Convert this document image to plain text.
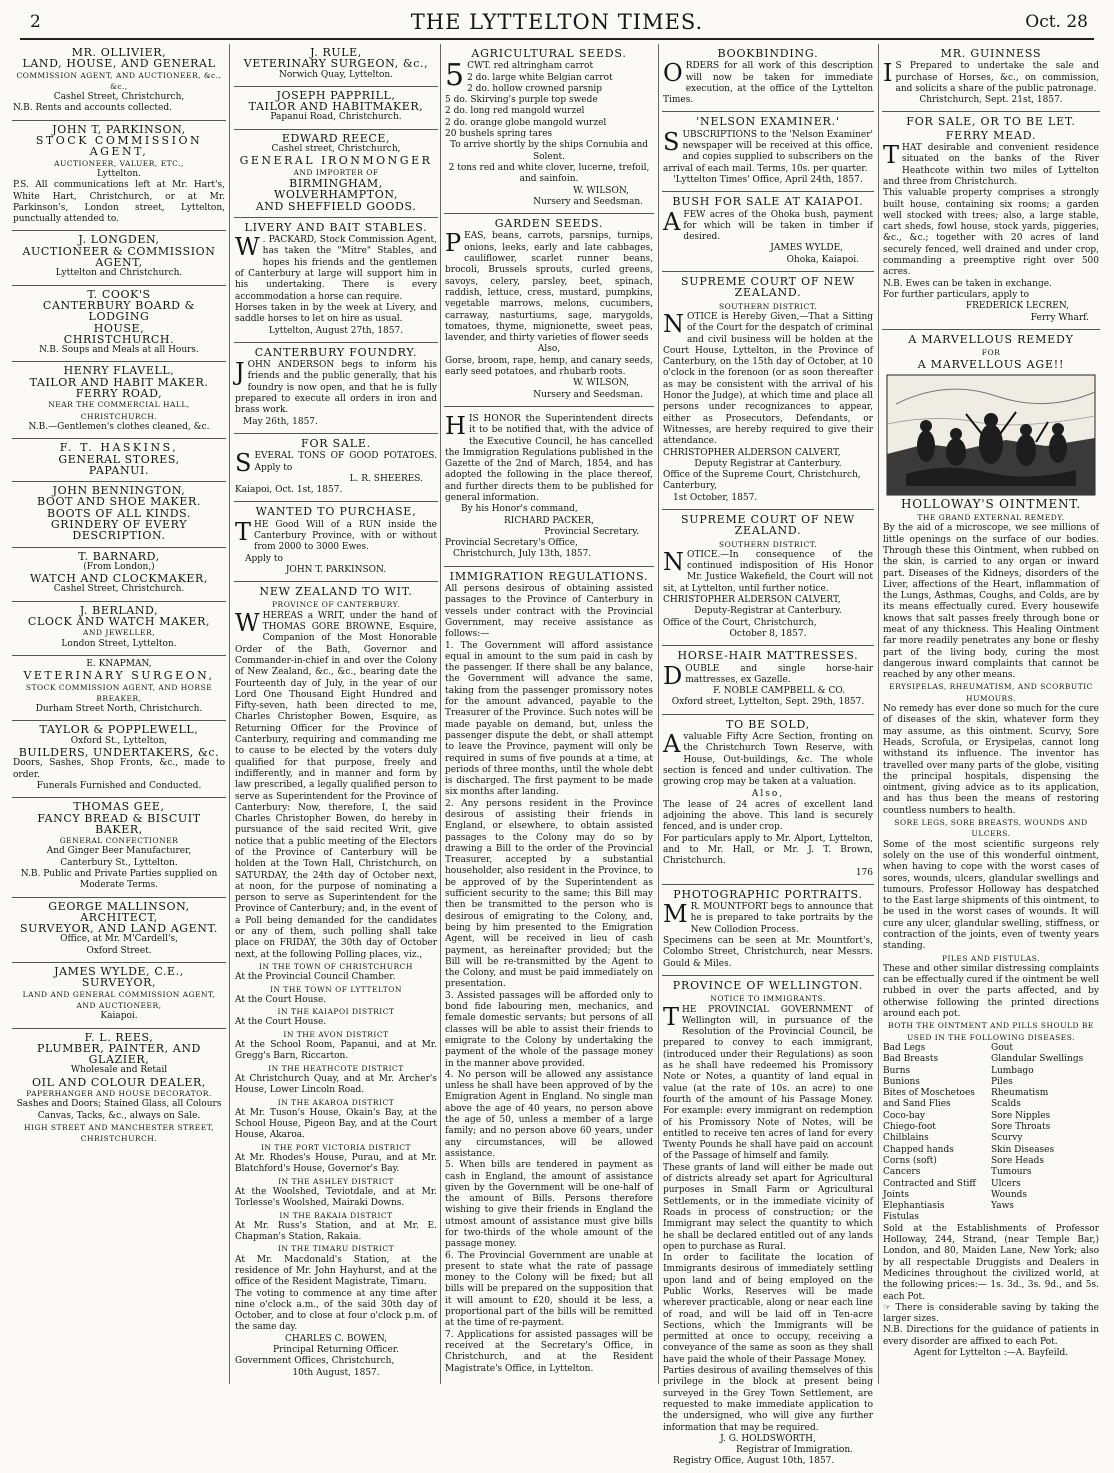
2	THE LYTTELTON TIMES.	Oct. 28
MR. OLLIVIER,
LAND, HOUSE, AND GENERAL
COMMISSION AGENT, AND AUCTIONEER, &c., &c.,
Cashel Street, Christchurch,
N.B. Rents and accounts collected.
JOHN T, PARKINSON,
STOCK COMMISSION AGENT,
AUCTIONEER, VALUER, ETC.,
Lyttelton.
P.S. All communications left at Mr. Hart's, White Hart, Christchurch, or at Mr. Parkinson's, London street, Lyttelton, punctually attended to.
J. LONGDEN,
AUCTIONEER & COMMISSION AGENT,
Lyttelton and Christchurch.
T. COOK'S
CANTERBURY BOARD & LODGING
HOUSE,
CHRISTCHURCH.
N.B. Soups and Meals at all Hours.
HENRY FLAVELL,
TAILOR AND HABIT MAKER.
FERRY ROAD,
NEAR THE COMMERCIAL HALL,
CHRISTCHURCH.
N.B.—Gentlemen's clothes cleaned, &c.
F. T. HASKINS,
GENERAL STORES,
PAPANUI.
JOHN BENNINGTON,
BOOT AND SHOE MAKER.
BOOTS OF ALL KINDS.
GRINDERY OF EVERY DESCRIPTION.
T. BARNARD,
(From London,)
WATCH AND CLOCKMAKER,
Cashel Street, Christchurch.
J. BERLAND,
CLOCK AND WATCH MAKER,
AND JEWELLER,
London Street, Lyttelton.
E. KNAPMAN,
VETERINARY SURGEON,
STOCK COMMISSION AGENT, AND HORSE
BREAKER,
Durham Street North, Christchurch.
TAYLOR & POPPLEWELL,
Oxford St., Lyttelton,
BUILDERS, UNDERTAKERS, &c.
Doors, Sashes, Shop Fronts, &c., made to order.
Funerals Furnished and Conducted.
THOMAS GEE,
FANCY BREAD & BISCUIT BAKER,
GENERAL CONFECTIONER
And Ginger Beer Manufacturer,
Canterbury St., Lyttelton.
N.B. Public and Private Parties supplied on Moderate Terms.
GEORGE MALLINSON,
ARCHITECT,
SURVEYOR, AND LAND AGENT.
Office, at Mr. M'Cardell's,
Oxford Street.
JAMES WYLDE, C.E.,
SURVEYOR,
LAND AND GENERAL COMMISSION AGENT,
AND AUCTIONEER,
Kaiapoi.
F. L. REES,
PLUMBER, PAINTER, AND GLAZIER,
Wholesale and Retail
OIL AND COLOUR DEALER,
PAPERHANGER AND HOUSE DECORATOR.
Sashes and Doors; Stained Glass, all Colours Canvas, Tacks, &c., always on Sale.
HIGH STREET AND MANCHESTER STREET, CHRISTCHURCH.
J. RULE,
VETERINARY SURGEON, &c.,
Norwich Quay, Lyttelton.
JOSEPH PAPPRILL,
TAILOR AND HABITMAKER,
Papanui Road, Christchurch.
EDWARD REECE,
Cashel street, Christchurch,
GENERAL IRONMONGER
AND IMPORTER OF
BIRMINGHAM, WOLVERHAMPTON,
AND SHEFFIELD GOODS.
LIVERY AND BAIT STABLES.
W . PACKARD, Stock Commission Agent, has taken the "Mitre" Stables, and hopes his friends and the gentlemen of Canterbury at large will support him in his undertaking. There is every accommodation a horse can require.
Horses taken in by the week at Livery, and saddle horses to let on hire as usual.
Lyttelton, August 27th, 1857.
CANTERBURY FOUNDRY.
JOHN ANDERSON begs to inform his friends and the public generally, that his foundry is now open, and that he is fully prepared to execute all orders in iron and brass work.
May 26th, 1857.
FOR SALE.
SEVERAL TONS OF GOOD POTATOES. Apply to
L. R. SHEERES.
Kaiapoi, Oct. 1st, 1857.
WANTED TO PURCHASE,
THE Good Will of a RUN inside the Canterbury Province, with or without from 2000 to 3000 Ewes.
Apply to
JOHN T. PARKINSON.
NEW ZEALAND TO WIT.
PROVINCE OF CANTERBURY.
WHEREAS a WRIT, under the hand of THOMAS GORE BROWNE, Esquire, Companion of the Most Honorable Order of the Bath, Governor and Commander-in-chief in and over the Colony of New Zealand, &c., &c., bearing date the Fourteenth day of July, in the year of our Lord One Thousand Eight Hundred and Fifty-seven, hath been directed to me, Charles Christopher Bowen, Esquire, as Returning Officer for the Province of Canterbury, requiring and commanding me to cause to be elected by the voters duly qualified for that purpose, freely and indifferently, and in manner and form by law prescribed, a legally qualified person to serve as Superintendent for the Province of Canterbury: Now, therefore, I, the said Charles Christopher Bowen, do hereby in pursuance of the said recited Writ, give notice that a public meeting of the Electors of the Province of Canterbury will be holden at the Town Hall, Christchurch, on SATURDAY, the 24th day of October next, at noon, for the purpose of nominating a person to serve as Superintendent for the Province of Canterbury; and, in the event of a Poll being demanded for the candidates or any of them, such polling shall take place on FRIDAY, the 30th day of October next, at the following Polling places, viz.,
IN THE TOWN OF CHRISTCHURCH
At the Provincial Council Chamber.
IN THE TOWN OF LYTTELTON
At the Court House.
IN THE KAIAPOI DISTRICT
At the Court House.
IN THE AVON DISTRICT
At the School Room, Papanui, and at Mr. Gregg's Barn, Riccarton.
IN THE HEATHCOTE DISTRICT
At Christchurch Quay, and at Mr. Archer's House, Lower Lincoln Road.
IN THE AKAROA DISTRICT
At Mr. Tuson's House, Okain's Bay, at the School House, Pigeon Bay, and at the Court House, Akaroa.
IN THE PORT VICTORIA DISTRICT
At Mr. Rhodes's House, Purau, and at Mr. Blatchford's House, Governor's Bay.
IN THE ASHLEY DISTRICT
At the Woolshed, Teviotdale, and at Mr. Torlesse's Woolshed, Mairaki Downs.
IN THE RAKAIA DISTRICT
At Mr. Russ's Station, and at Mr. E. Chapman's Station, Rakaia.
IN THE TIMARU DISTRICT
At Mr. Macdonald's Station, at the residence of Mr. John Hayhurst, and at the office of the Resident Magistrate, Timaru.
The voting to commence at any time after nine o'clock a.m., of the said 30th day of October, and to close at four o'clock p.m. of the same day.
CHARLES C. BOWEN,
Principal Returning Officer.
Government Offices, Christchurch,
10th August, 1857.
AGRICULTURAL SEEDS.
5 CWT. red altringham carrot
2 do. large white Belgian carrot
2 do. hollow crowned parsnip
5 do. Skirving's purple top swede
2 do. long red mangold wurzel
2 do. orange globe mangold wurzel
20 bushels spring tares
To arrive shortly by the ships Cornubia and Solent.
2 tons red and white clover, lucerne, trefoil, and sainfoin.
W. WILSON,
Nursery and Seedsman.
GARDEN SEEDS.
PEAS, beans, carrots, parsnips, turnips, onions, leeks, early and late cabbages, cauliflower, scarlet runner beans, brocoli, Brussels sprouts, curled greens, savoys, celery, parsley, beet, spinach, raddish, lettuce, cress, mustard, pumpkins, vegetable marrows, melons, cucumbers, carraway, nasturtiums, sage, marygolds, tomatoes, thyme, mignionette, sweet peas, lavender, and thirty varieties of flower seeds
Also,
Gorse, broom, rape, hemp, and canary seeds, early seed potatoes, and rhubarb roots.
W. WILSON,
Nursery and Seedsman.
HIS HONOR the Superintendent directs it to be notified that, with the advice of the Executive Council, he has cancelled the Immigration Regulations published in the Gazette of the 2nd of March, 1854, and has adopted the following in the place thereof, and further directs them to be published for general information.
By his Honor's command,
RICHARD PACKER,
Provincial Secretary.
Provincial Secretary's Office,
Christchurch, July 13th, 1857.
IMMIGRATION REGULATIONS.
All persons desirous of obtaining assisted passages to the Province of Canterbury in vessels under contract with the Provincial Government, may receive assistance as follows:—
1. The Government will afford assistance equal in amount to the sum paid in cash by the passenger. If there shall be any balance, the Government will advance the same, taking from the passenger promissory notes for the amount advanced, payable to the Treasurer of the Province. Such notes will be made payable on demand, but, unless the passenger dispute the debt, or shall attempt to leave the Province, payment will only be required in sums of five pounds at a time, at periods of three months, until the whole debt is discharged. The first payment to be made six months after landing.
2. Any persons resident in the Province desirous of assisting their friends in England, or elsewhere, to obtain assisted passages to the Colony may do so by drawing a Bill to the order of the Provincial Treasurer, accepted by a substantial householder, also resident in the Province, to be approved of by the Superintendent as sufficient security to the same; this Bill may then be transmitted to the person who is desirous of emigrating to the Colony, and, being by him presented to the Emigration Agent, will be received in lieu of cash payment, as hereinafter provided; but the Bill will be re-transmitted by the Agent to the Colony, and must be paid immediately on presentation.
3. Assisted passages will be afforded only to bond fide labouring men, mechanics, and female domestic servants; but persons of all classes will be able to assist their friends to emigrate to the Colony by undertaking the payment of the whole of the passage money in the manner above provided.
4. No person will be allowed any assistance unless he shall have been approved of by the Emigration Agent in England. No single man above the age of 40 years, no person above the age of 50, unless a member of a large family; and no person above 60 years, under any circumstances, will be allowed assistance.
5. When bills are tendered in payment as cash in England, the amount of assistance given by the Government will be one-half of the amount of Bills. Persons therefore wishing to give their friends in England the utmost amount of assistance must give bills for two-thirds of the whole amount of the passage money.
6. The Provincial Government are unable at present to state what the rate of passage money to the Colony will be fixed; but all bills will be prepared on the supposition that it will amount to £20, should it be less, a proportional part of the bills will be remitted at the time of re-payment.
7. Applications for assisted passages will be received at the Secretary's Office, in Christchurch, and at the Resident Magistrate's Office, in Lyttelton.
BOOKBINDING.
ORDERS for all work of this description will now be taken for immediate execution, at the office of the Lyttelton Times.
'NELSON EXAMINER.'
SUBSCRIPTIONS to the 'Nelson Examiner' newspaper will be received at this office, and copies supplied to subscribers on the arrival of each mail. Terms, 10s. per quarter.
'Lyttelton Times' Office, April 24th, 1857.
BUSH FOR SALE AT KAIAPOI.
A FEW acres of the Ohoka bush, payment for which will be taken in timber if desired.
JAMES WYLDE,
Ohoka, Kaiapoi.
SUPREME COURT OF NEW ZEALAND.
SOUTHERN DISTRICT.
NOTICE is Hereby Given,—That a Sitting of the Court for the despatch of criminal and civil business will be holden at the Court House, Lyttelton, in the Province of Canterbury, on the 15th day of October, at 10 o'clock in the forenoon (or as soon thereafter as may be consistent with the arrival of his Honor the Judge), at which time and place all persons under recognizances to appear, either as Prosecutors, Defendants, or Witnesses, are hereby required to give their attendance.
CHRISTOPHER ALDERSON CALVERT,
Deputy Registrar at Canterbury.
Office of the Supreme Court, Christchurch, Canterbury,
1st October, 1857.
SUPREME COURT OF NEW ZEALAND.
SOUTHERN DISTRICT.
NOTICE.—In consequence of the continued indisposition of His Honor Mr. Justice Wakefield, the Court will not sit, at Lyttelton, until further notice.
CHRISTOPHER ALDERSON CALVERT,
Deputy-Registrar at Canterbury.
Office of the Court, Christchurch,
October 8, 1857.
HORSE-HAIR MATTRESSES.
DOUBLE and single horse-hair mattresses, ex Gazelle.
F. NOBLE CAMPBELL & CO.
Oxford street, Lyttelton, Sept. 29th, 1857.
TO BE SOLD,
A valuable Fifty Acre Section, fronting on the Christchurch Town Reserve, with House, Out-buildings, &c. The whole section is fenced and under cultivation. The growing crop may be taken at a valuation.
Also,
The lease of 24 acres of excellent land adjoining the above. This land is securely fenced, and is under crop.
For particulars apply to Mr. Alport, Lyttelton, and to Mr. Hall, or Mr. J. T. Brown, Christchurch.
176
PHOTOGRAPHIC PORTRAITS.
M R. MOUNTFORT begs to announce that he is prepared to take portraits by the New Collodion Process.
Specimens can be seen at Mr. Mountfort's, Colombo Street, Christchurch, near Messrs. Gould & Miles.
PROVINCE OF WELLINGTON.
NOTICE TO IMMIGRANTS.
THE PROVINCIAL GOVERNMENT of Wellington will, in pursuance of the Resolution of the Provincial Council, be prepared to convey to each immigrant, (introduced under their Regulations) as soon as he shall have redeemed his Promissory Note or Notes, a quantity of land equal in value (at the rate of 10s. an acre) to one fourth of the amount of his Passage Money. For example: every immigrant on redemption of his Promissory Note of Notes, will be entitled to receive ten acres of land for every Twenty Pounds he shall have paid on account of the Passage of himself and family.
These grants of land will either be made out of districts already set apart for Agricultural purposes in Small Farm or Agricultural Settlements, or in the immediate vicinity of Roads in process of construction; or the Immigrant may select the quantity to which he shall be declared entitled out of any lands open to purchase as Rural.
In order to facilitate the location of Immigrants desirous of immediately settling upon land and of being employed on the Public Works, Reserves will be made wherever practicable, along or near each line of road, and will be laid off in Ten-acre Sections, which the Immigrants will be permitted at once to occupy, receiving a conveyance of the same as soon as they shall have paid the whole of their Passage Money.
Parties desirous of availing themselves of this privilege in the block at present being surveyed in the Grey Town Settlement, are requested to make immediate application to the undersigned, who will give any further information that may be required.
J. G. HOLDSWORTH,
Registrar of Immigration.
Registry Office, August 10th, 1857.
MR. GUINNESS
I S Prepared to undertake the sale and purchase of Horses, &c., on commission, and solicits a share of the public patronage.
Christchurch, Sept. 21st, 1857.
FOR SALE, OR TO BE LET.
FERRY MEAD.
THAT desirable and convenient residence situated on the banks of the River Heathcote within two miles of Lyttelton and three from Christchurch.
This valuable property comprises a strongly built house, containing six rooms; a garden well stocked with trees; also, a large stable, cart sheds, fowl house, stock yards, piggeries, &c., &c.; together with 20 acres of land securely fenced, well drained and under crop, commanding a preemptive right over 500 acres.
N.B. Ewes can be taken in exchange.
For further particulars, apply to
FREDERICK LECREN,
Ferry Wharf.
A MARVELLOUS REMEDY
FOR
A MARVELLOUS AGE!!
HOLLOWAY'S OINTMENT.
THE GRAND EXTERNAL REMEDY.
By the aid of a microscope, we see millions of little openings on the surface of our bodies. Through these this Ointment, when rubbed on the skin, is carried to any organ or inward part. Diseases of the Kidneys, disorders of the Liver, affections of the Heart, inflammation of the Lungs, Asthmas, Coughs, and Colds, are by its means effectually cured. Every housewife knows that salt passes freely through bone or meat of any thickness. This Healing Ointment far more readily penetrates any bone or fleshy part of the living body, curing the most dangerous inward complaints that cannot be reached by any other means.
ERYSIPELAS, RHEUMATISM, AND SCORBUTIC HUMOURS.
No remedy has ever done so much for the cure of diseases of the skin, whatever form they may assume, as this ointment. Scurvy, Sore Heads, Scrofula, or Erysipelas, cannot long withstand its influence. The inventor has travelled over many parts of the globe, visiting the principal hospitals, dispensing the ointment, giving advice as to its application, and has thus been the means of restoring countless numbers to health.
SORE LEGS, SORE BREASTS, WOUNDS AND ULCERS.
Some of the most scientific surgeons rely solely on the use of this wonderful ointment, when having to cope with the worst cases of sores, wounds, ulcers, glandular swellings and tumours. Professor Holloway has despatched to the East large shipments of this ointment, to be used in the worst cases of wounds. It will cure any ulcer, glandular swelling, stiffness, or contraction of the joints, even of twenty years standing.
PILES AND FISTULAS.
These and other similar distressing complaints can be effectually cured if the ointment be well rubbed in over the parts affected, and by otherwise following the printed directions around each pot.
BOTH THE OINTMENT AND PILLS SHOULD BE USED IN THE FOLLOWING DISEASES.
Bad Legs
Bad Breasts
Burns
Bunions
Bites of Moschetoes
and Sand Flies
Coco-bay
Chiego-foot
Chilblains
Chapped hands
Corns (soft)
Cancers
Contracted and Stiff
Joints
Elephantiasis
Fistulas
Gout
Glandular Swellings
Lumbago
Piles
Rheumatism
Scalds
Sore Nipples
Sore Throats
Scurvy
Skin Diseases
Sore Heads
Tumours
Ulcers
Wounds
Yaws
Sold at the Establishments of Professor Holloway, 244, Strand, (near Temple Bar,) London, and 80, Maiden Lane, New York; also by all respectable Druggists and Dealers in Medicines throughout the civilized world, at the following prices:— 1s. 3d., 3s. 9d., and 5s. each Pot.
☞ There is considerable saving by taking the larger sizes.
N.B. Directions for the guidance of patients in every disorder are affixed to each Pot.
Agent for Lyttelton :—A. Bayfeild.
